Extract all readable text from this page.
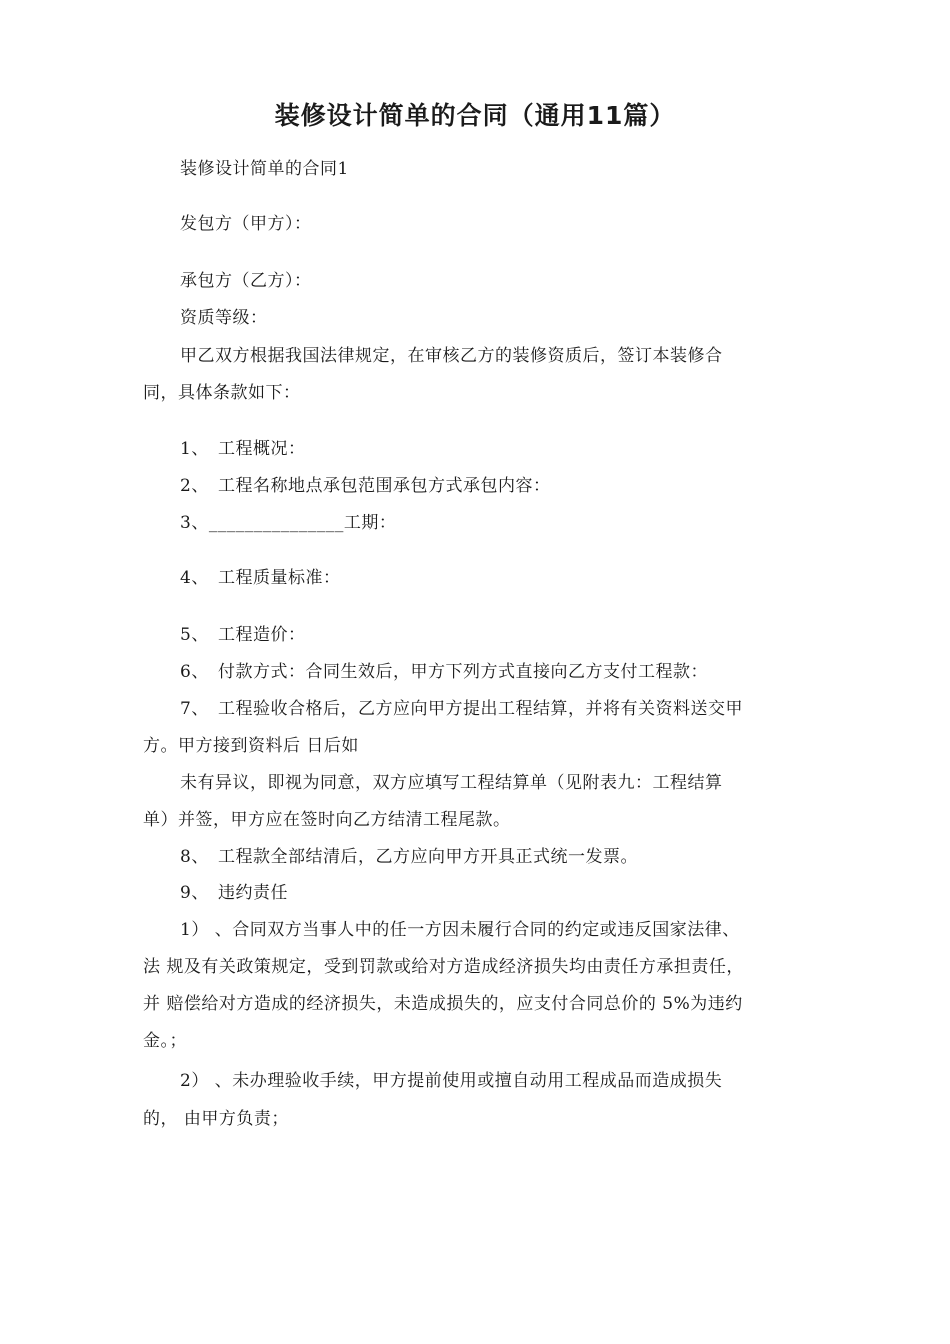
装修设计简单的合同（通用11篇）
装修设计简单的合同1
发包方（甲方）：
承包方（乙方）：
资质等级：
甲乙双方根据我国法律规定，在审核乙方的装修资质后，签订本装修合
同，具体条款如下：
1、 工程概况：
2、 工程名称地点承包范围承包方式承包内容：
3、_______________工期：
4、 工程质量标准：
5、 工程造价：
6、 付款方式：合同生效后，甲方下列方式直接向乙方支付工程款：
7、 工程验收合格后，乙方应向甲方提出工程结算，并将有关资料送交甲
方。甲方接到资料后 日后如
未有异议，即视为同意，双方应填写工程结算单（见附表九：工程结算
单）并签，甲方应在签时向乙方结清工程尾款。
8、 工程款全部结清后，乙方应向甲方开具正式统一发票。
9、 违约责任
1） 、合同双方当事人中的任一方因未履行合同的约定或违反国家法律、
法 规及有关政策规定，受到罚款或给对方造成经济损失均由责任方承担责任，
并 赔偿给对方造成的经济损失，未造成损失的，应支付合同总价的 5%为违约
金。；
2） 、未办理验收手续，甲方提前使用或擅自动用工程成品而造成损失
的， 由甲方负责；
